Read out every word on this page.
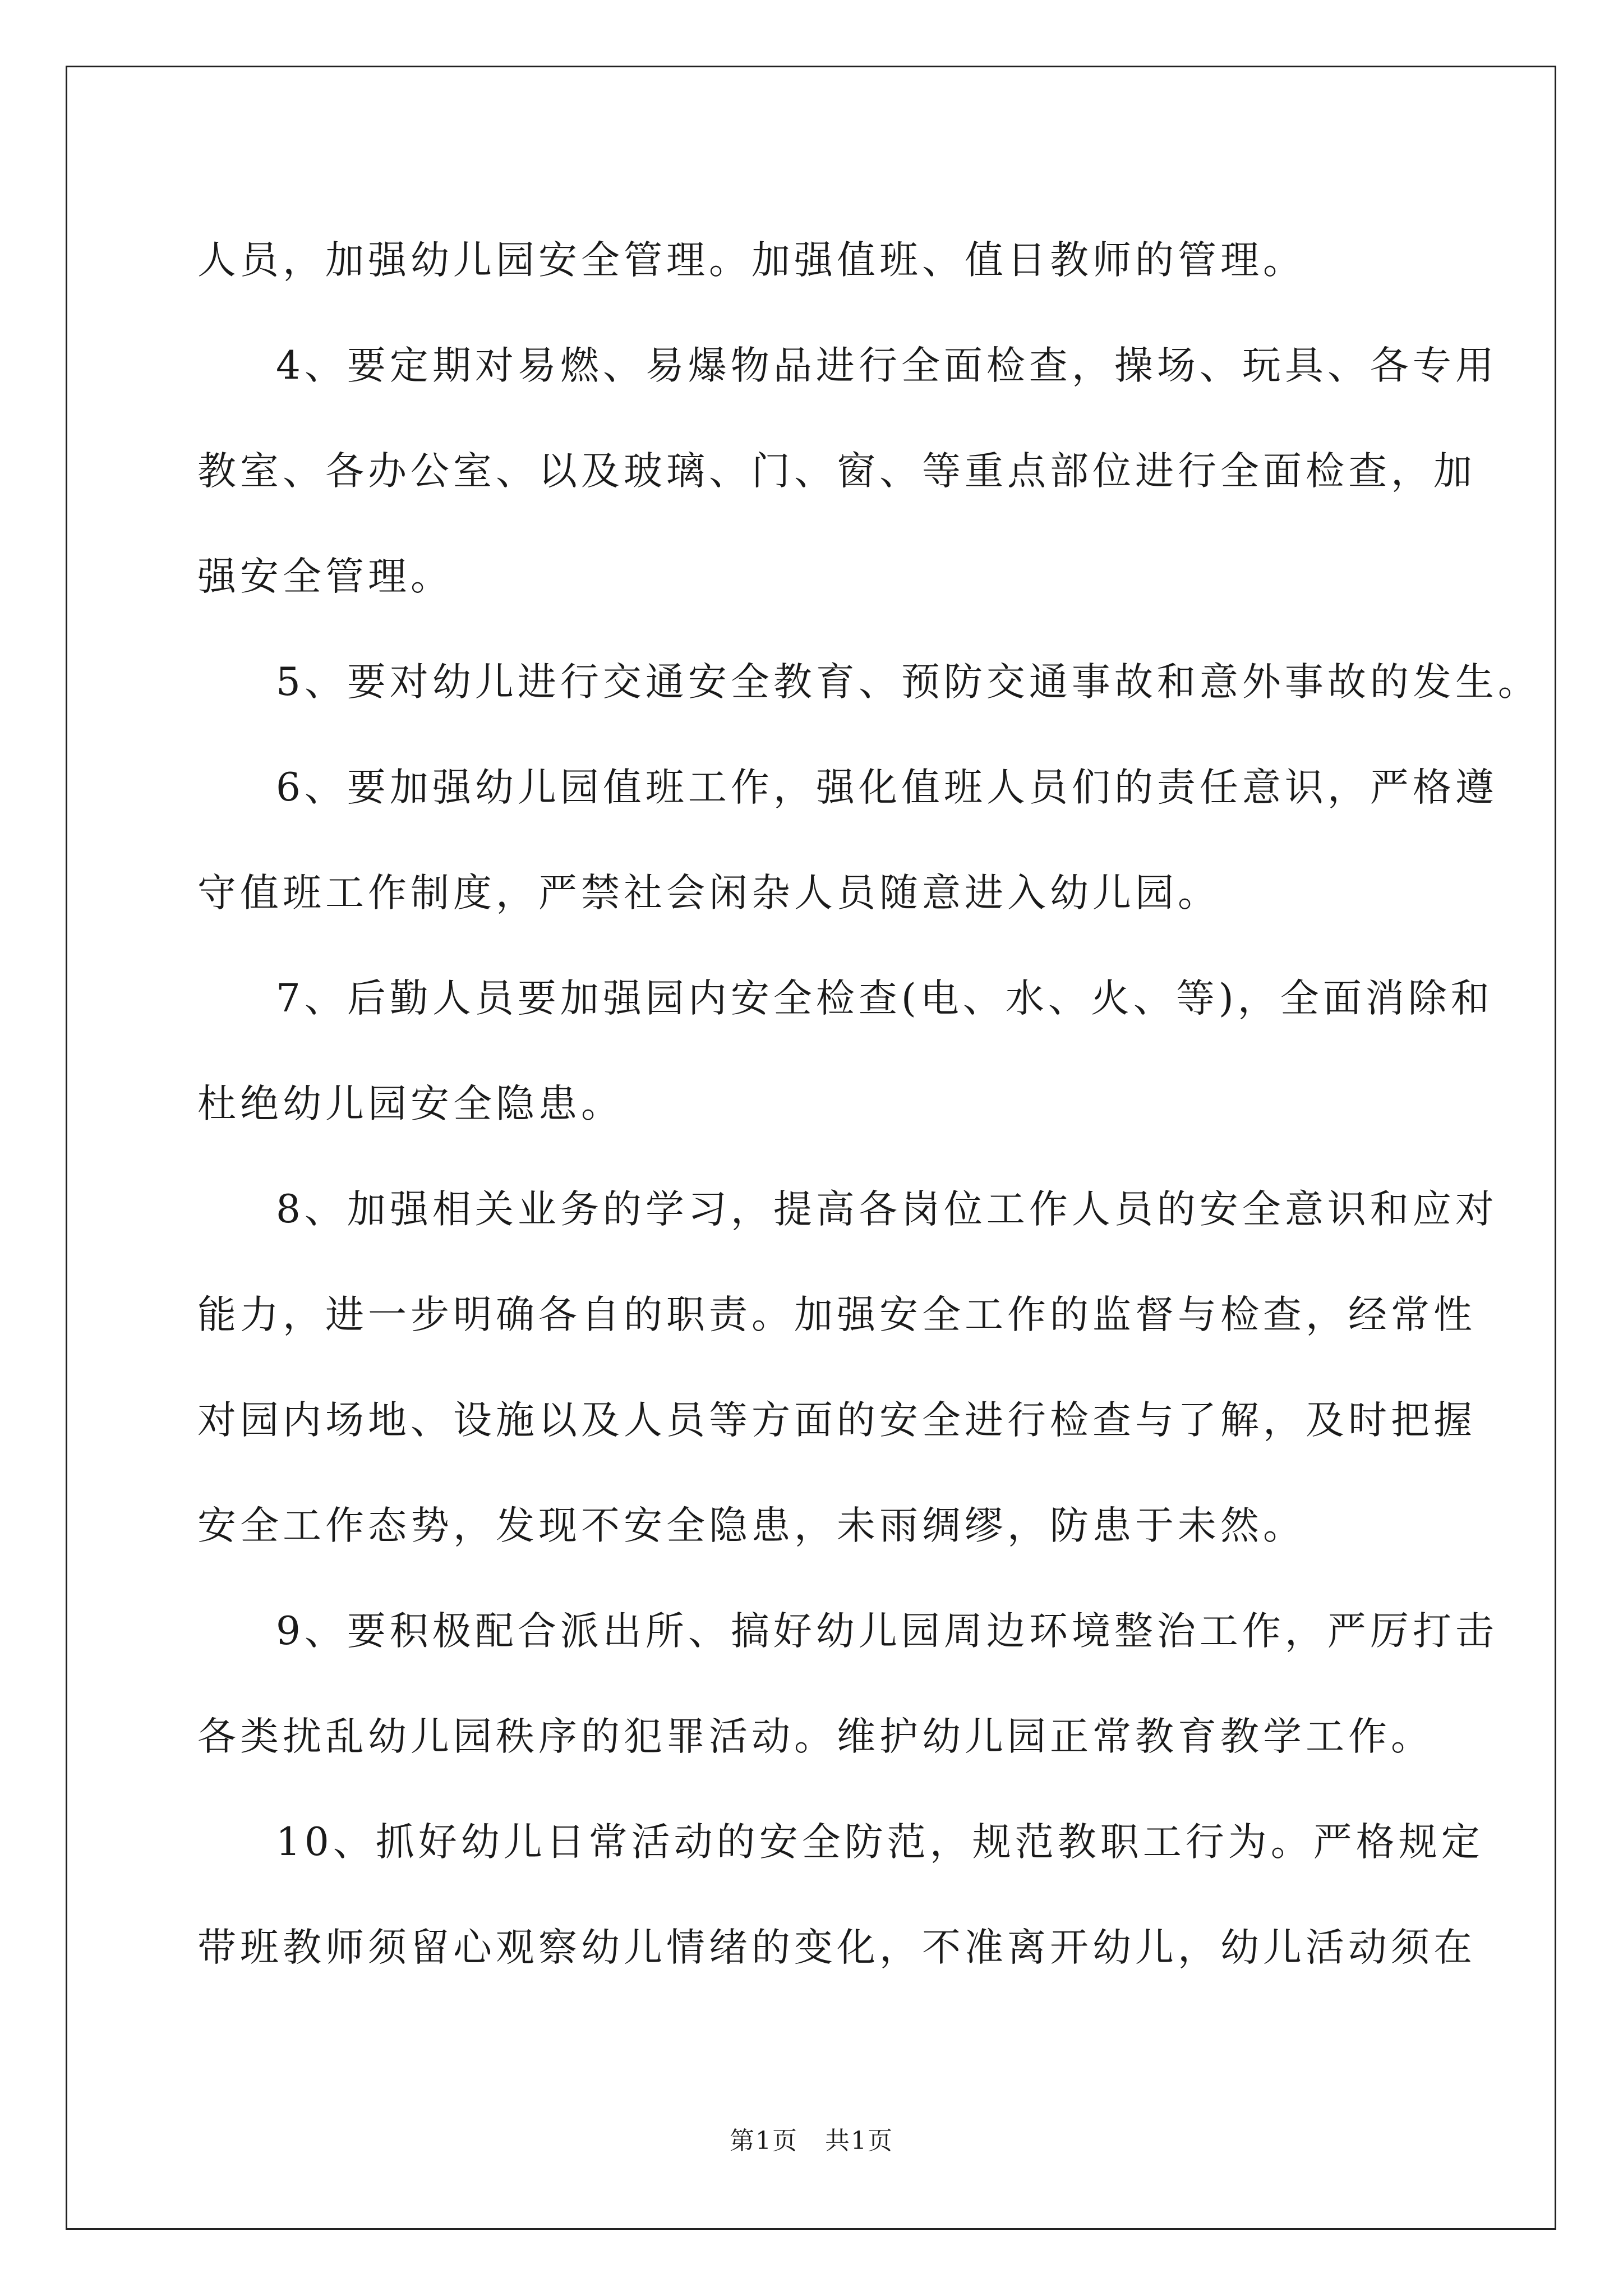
人员，加强幼儿园安全管理。加强值班、值日教师的管理。
4、要定期对易燃、易爆物品进行全面检查，操场、玩具、各专用
教室、各办公室、以及玻璃、门、窗、等重点部位进行全面检查，加
强安全管理。
5、要对幼儿进行交通安全教育、预防交通事故和意外事故的发生。
6、要加强幼儿园值班工作，强化值班人员们的责任意识，严格遵
守值班工作制度，严禁社会闲杂人员随意进入幼儿园。
7、后勤人员要加强园内安全检查(电、水、火、等)，全面消除和
杜绝幼儿园安全隐患。
8、加强相关业务的学习，提高各岗位工作人员的安全意识和应对
能力，进一步明确各自的职责。加强安全工作的监督与检查，经常性
对园内场地、设施以及人员等方面的安全进行检查与了解，及时把握
安全工作态势，发现不安全隐患，未雨绸缪，防患于未然。
9、要积极配合派出所、搞好幼儿园周边环境整治工作，严厉打击
各类扰乱幼儿园秩序的犯罪活动。维护幼儿园正常教育教学工作。
10、抓好幼儿日常活动的安全防范，规范教职工行为。严格规定
带班教师须留心观察幼儿情绪的变化，不准离开幼儿，幼儿活动须在
第1页 共1页
